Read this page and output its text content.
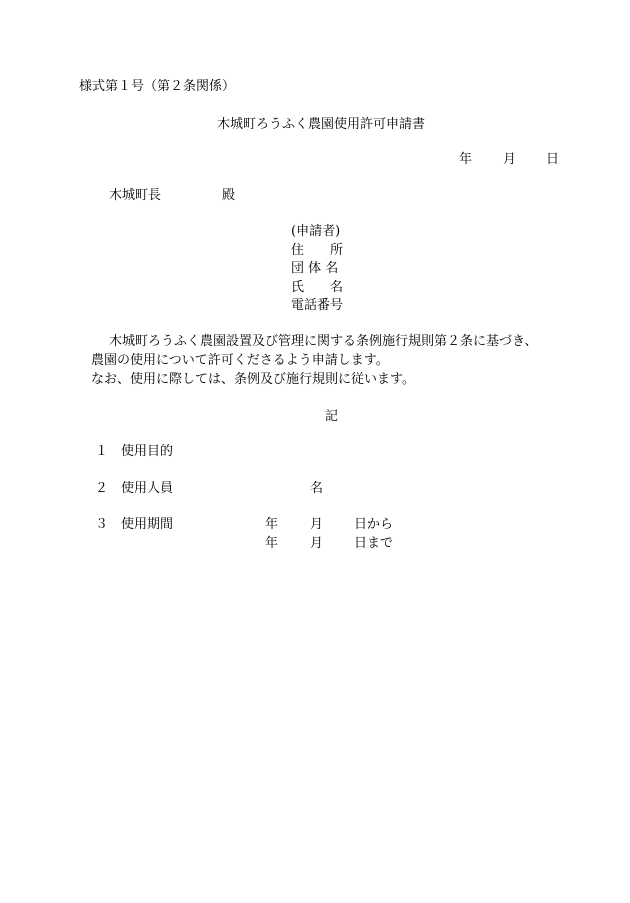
様式第１号（第２条関係）
木城町ろうふく農園使用許可申請書
年 月 日
木城町長	殿
(申請者)
住　　所
団 体 名
氏　　名
電話番号
木城町ろうふく農園設置及び管理に関する条例施行規則第２条に基づき、
農園の使用について許可くださるよう申請します。
なお、使用に際しては、条例及び施行規則に従います。
記
１ 使用目的
２ 使用人員	名
３ 使用期間	年 月 日から
年 月 日まで
